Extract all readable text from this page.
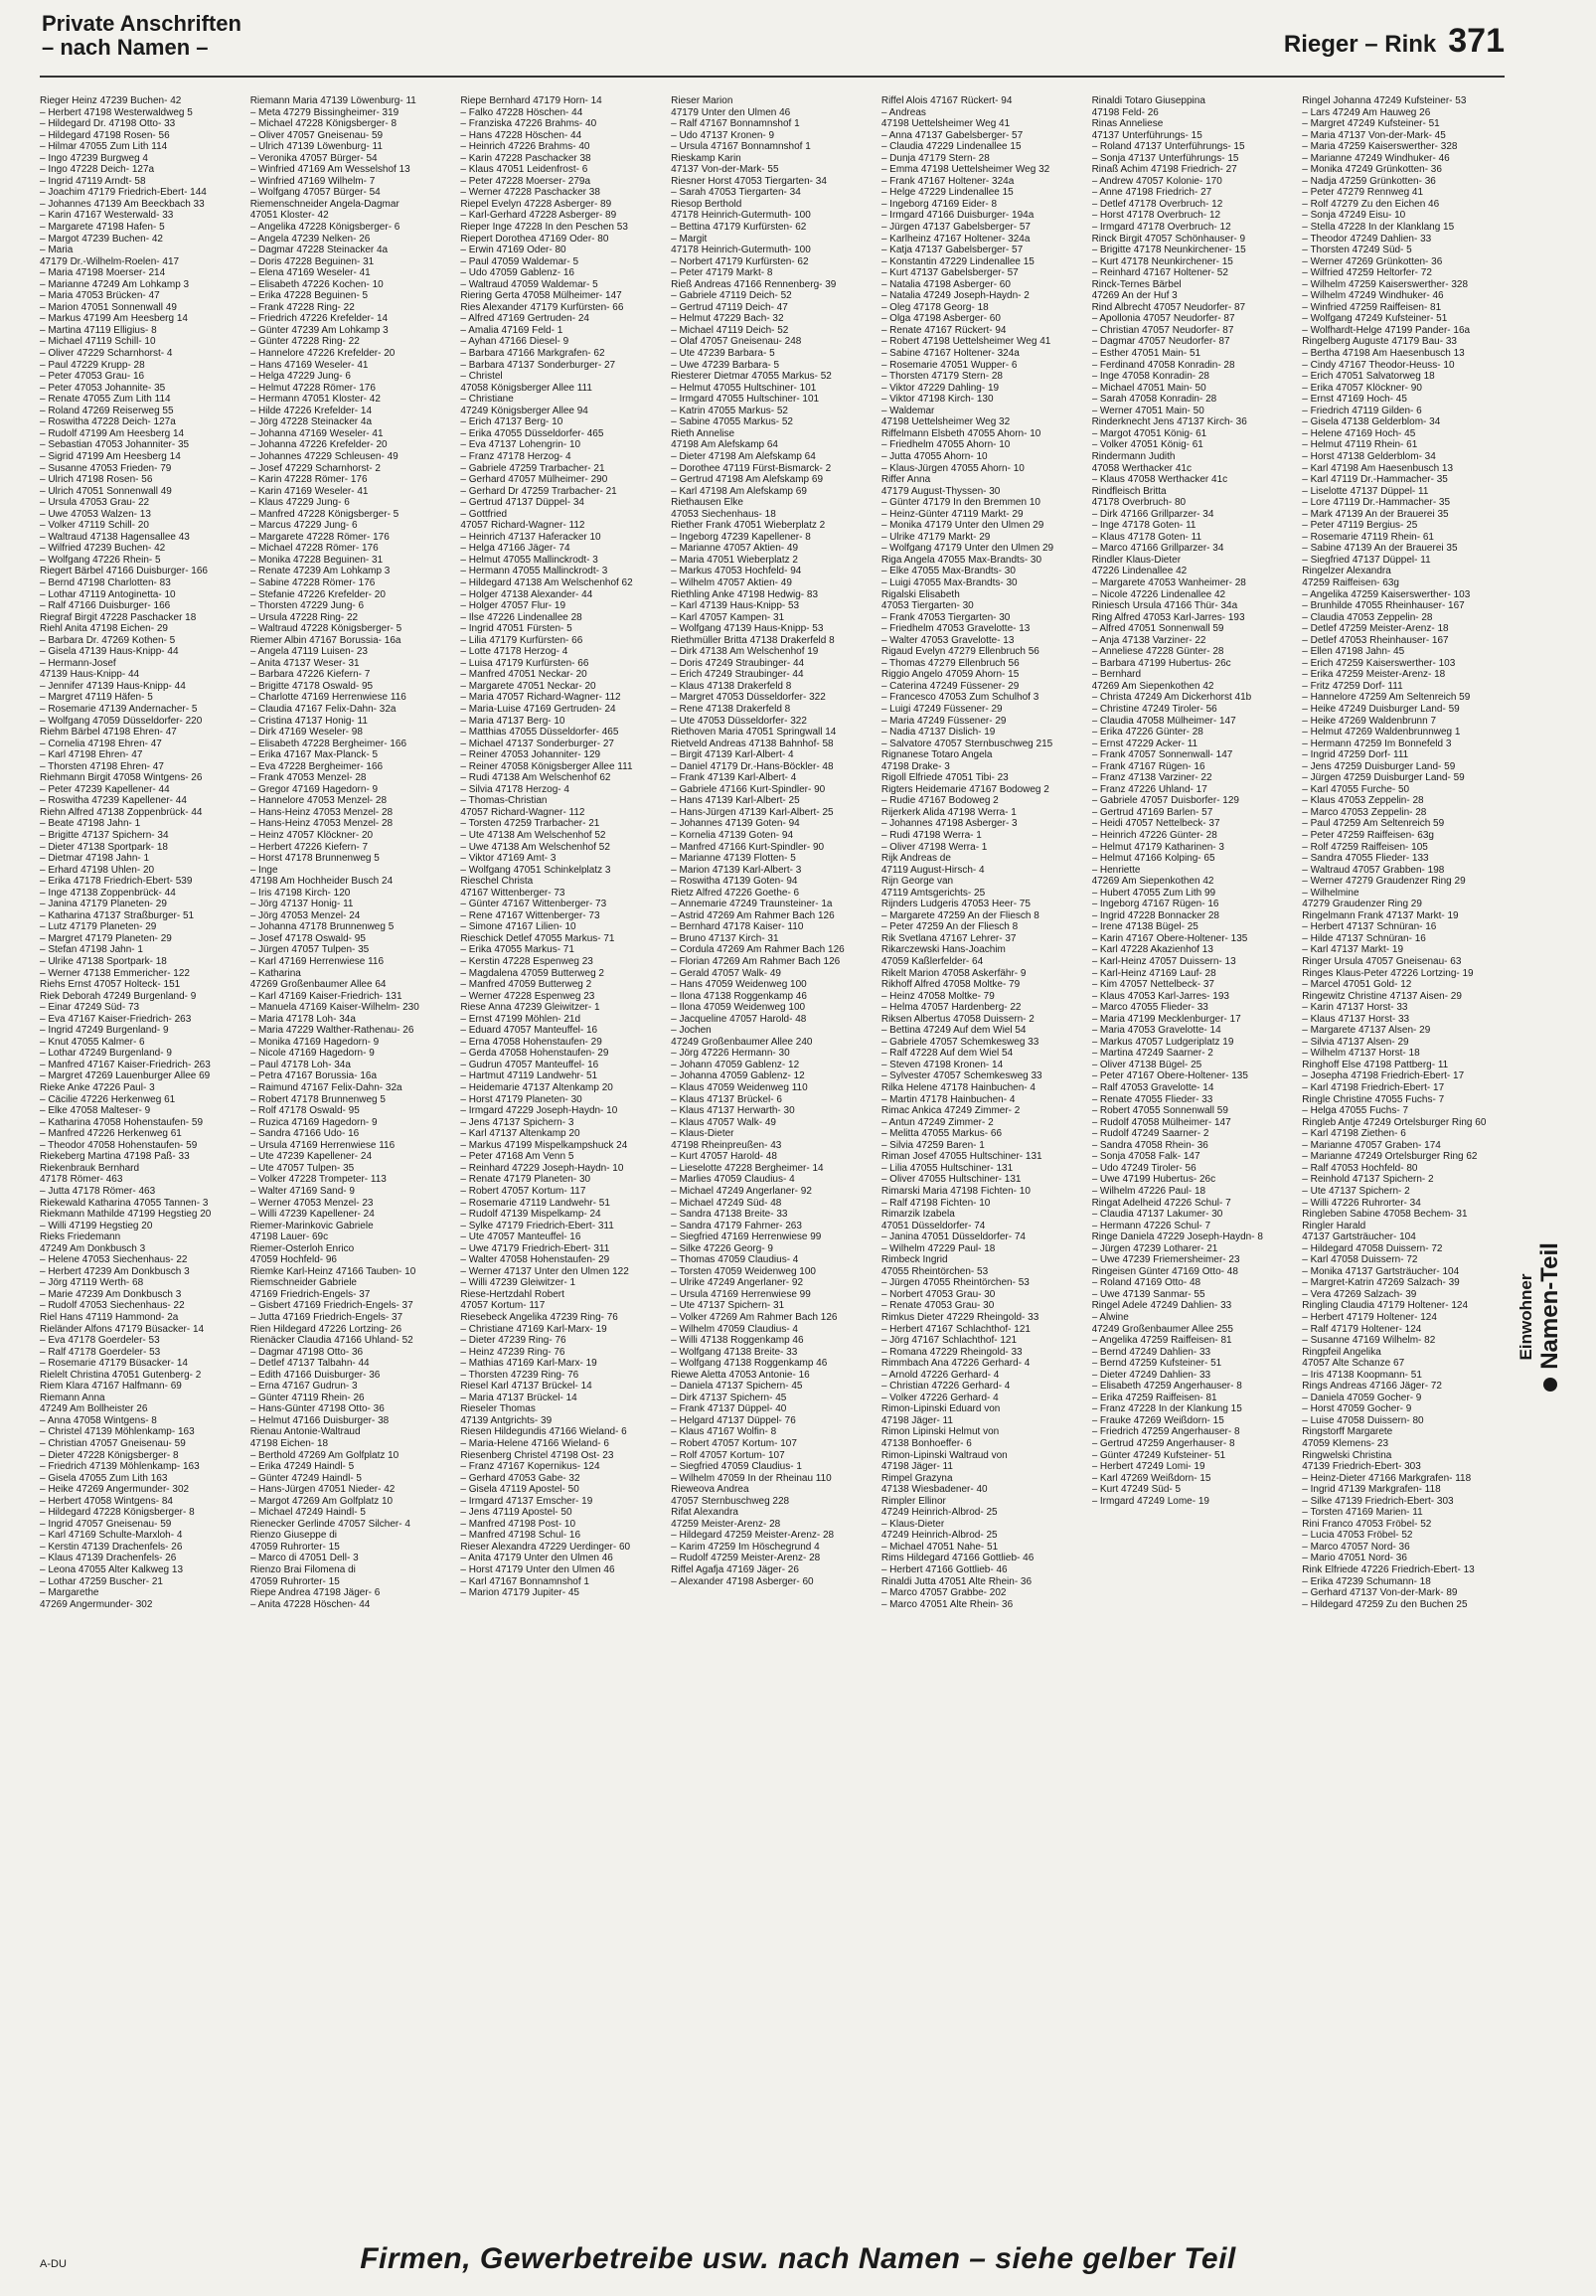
Private Anschriften
– nach Namen –	Rieger – Rink 371
Rieger Heinz 47239 Buchen- 42
– Herbert 47198 Westerwaldweg 5
– Hildegard Dr. 47198 Otto- 33
– Hildegard 47198 Rosen- 56
– Hilmar 47055 Zum Lith 114
– Ingo 47239 Burgweg 4
– Ingo 47228 Deich- 127a
– Ingrid 47119 Arndt- 58
– Joachim 47179 Friedrich-Ebert- 144
– Johannes 47139 Am Beeckbach 33
– Karin 47167 Westerwald- 33
– Margarete 47198 Hafen- 5
– Margot 47239 Buchen- 42
– Maria
47179 Dr.-Wilhelm-Roelen- 417
– Maria 47198 Moerser- 214
– Marianne 47249 Am Lohkamp 3
– Maria 47053 Brücken- 47
– Marion 47051 Sonnenwall 49
– Markus 47199 Am Heesberg 14
– Martina 47119 Elligius- 8
– Michael 47119 Schill- 10
– Oliver 47229 Scharnhorst- 4
– Paul 47229 Krupp- 28
– Peter 47053 Grau- 16
– Peter 47053 Johannite- 35
– Renate 47055 Zum Lith 114
– Roland 47269 Reiserweg 55
– Roswitha 47228 Deich- 127a
– Rudolf 47199 Am Heesberg 14
– Sebastian 47053 Johanniter- 35
– Sigrid 47199 Am Heesberg 14
– Susanne 47053 Frieden- 79
– Ulrich 47198 Rosen- 56
– Ulrich 47051 Sonnenwall 49
– Ursula 47053 Grau- 22
– Uwe 47053 Walzen- 13
– Volker 47119 Schill- 20
– Waltraud 47138 Hagensallee 43
– Wilfried 47239 Buchen- 42
– Wolfgang 47226 Rhein- 5
Riegert Bärbel 47166 Duisburger- 166
– Bernd 47198 Charlotten- 83
– Lothar 47119 Antoginetta- 10
– Ralf 47166 Duisburger- 166
Riegraf Birgit 47228 Paschacker 18
Riehl Anita 47198 Eichen- 29
– Barbara Dr. 47269 Kothen- 5
– Gisela 47139 Haus-Knipp- 44
– Hermann-Josef
47139 Haus-Knipp- 44
– Jennifer 47139 Haus-Knipp- 44
– Margret 47119 Häfen- 5
– Rosemarie 47139 Andernacher- 5
– Wolfgang 47059 Düsseldorfer- 220
Riehm Bärbel 47198 Ehren- 47
– Cornelia 47198 Ehren- 47
– Karl 47198 Ehren- 47
– Thorsten 47198 Ehren- 47
Riehmann Birgit 47058 Wintgens- 26
– Peter 47239 Kapellener- 44
– Roswitha 47239 Kapellener- 44
Riehn Alfred 47138 Zoppenbrück- 44
– Beate 47198 Jahn- 1
– Brigitte 47137 Spichern- 34
– Dieter 47138 Sportpark- 18
– Dietmar 47198 Jahn- 1
– Erhard 47198 Uhlen- 20
– Erika 47178 Friedrich-Ebert- 539
– Inge 47138 Zoppenbrück- 44
– Janina 47179 Planeten- 29
– Katharina 47137 Straßburger- 51
– Lutz 47179 Planeten- 29
– Margret 47179 Planeten- 29
– Stefan 47198 Jahn- 1
– Ulrike 47138 Sportpark- 18
– Werner 47138 Emmericher- 122
Riehs Ernst 47057 Holteck- 151
Riek Deborah 47249 Burgenland- 9
– Einar 47249 Süd- 73
– Eva 47167 Kaiser-Friedrich- 263
– Ingrid 47249 Burgenland- 9
– Knut 47055 Kalmer- 6
– Lothar 47249 Burgenland- 9
– Manfred 47167 Kaiser-Friedrich- 263
– Margret 47269 Lauenburger Allee 69
Rieke Anke 47226 Paul- 3
– Cäcilie 47226 Herkenweg 61
– Elke 47058 Malteser- 9
– Katharina 47058 Hohenstaufen- 59
– Manfred 47226 Herkenweg 61
– Theodor 47058 Hohenstaufen- 59
Riekeberg Martina 47198 Paß- 33
Riekenbrauk Bernhard
47178 Römer- 463
– Jutta 47178 Römer- 463
Riekewald Katharina 47055 Tannen- 3
Riekmann Mathilde 47199 Hegstieg 20
– Willi 47199 Hegstieg 20
Rieks Friedemann
47249 Am Donkbusch 3
– Helene 47053 Siechenhaus- 22
– Herbert 47239 Am Donkbusch 3
– Jörg 47119 Werth- 68
– Marie 47239 Am Donkbusch 3
– Rudolf 47053 Siechenhaus- 22
Riel Hans 47119 Hammond- 2a
Rieländer Alfons 47179 Büsacker- 14
– Eva 47178 Goerdeler- 53
– Ralf 47178 Goerdeler- 53
– Rosemarie 47179 Büsacker- 14
Rielelt Christina 47051 Gutenberg- 2
Riem Klara 47167 Halfmann- 69
Riemann Anna
47249 Am Bollheister 26
– Anna 47058 Wintgens- 8
– Christel 47139 Möhlenkamp- 163
– Christian 47057 Gneisenau- 59
– Dieter 47228 Königsberger- 8
– Friedrich 47139 Möhlenkamp- 163
– Gisela 47055 Zum Lith 163
– Heike 47269 Angermunder- 302
– Herbert 47058 Wintgens- 84
– Hildegard 47228 Königsberger- 8
– Ingrid 47057 Gneisenau- 59
– Karl 47169 Schulte-Marxloh- 4
– Kerstin 47139 Drachenfels- 26
– Klaus 47139 Drachenfels- 26
– Leona 47055 Alter Kalkweg 13
– Lothar 47259 Buscher- 21
– Margarethe
47269 Angermunder- 302
Riemann Maria 47139 Löwenburg- 11
– Meta 47279 Bissingheimer- 319
– Michael 47228 Königsberger- 8
– Oliver 47057 Gneisenau- 59
– Ulrich 47139 Löwenburg- 11
– Veronika 47057 Bürger- 54
– Winfried 47169 Am Wesselshof 13
– Winfried 47169 Wilhelm- 7
– Wolfgang 47057 Bürger- 54
Riemenschneider Angela-Dagmar
47051 Kloster- 42
– Angelika 47228 Königsberger- 6
– Angela 47239 Nelken- 26
– Dagmar 47228 Steinacker 4a
– Doris 47228 Beguinen- 31
– Elena 47169 Weseler- 41
– Elisabeth 47226 Kochen- 10
– Erika 47228 Beguinen- 5
– Frank 47228 Ring- 22
– Friedrich 47226 Krefelder- 14
– Günter 47239 Am Lohkamp 3
– Günter 47228 Ring- 22
– Hannelore 47226 Krefelder- 20
– Hans 47169 Weseler- 41
– Helga 47229 Jung- 6
– Helmut 47228 Römer- 176
– Hermann 47051 Kloster- 42
– Hilde 47226 Krefelder- 14
– Jörg 47228 Steinacker 4a
– Johanna 47169 Weseler- 41
– Johanna 47226 Krefelder- 20
– Johannes 47229 Schleusen- 49
– Josef 47229 Scharnhorst- 2
– Karin 47228 Römer- 176
– Karin 47169 Weseler- 41
– Klaus 47229 Jung- 6
– Manfred 47228 Königsberger- 5
– Marcus 47229 Jung- 6
– Margarete 47228 Römer- 176
– Michael 47228 Römer- 176
– Monika 47228 Beguinen- 31
– Renate 47239 Am Lohkamp 3
– Sabine 47228 Römer- 176
– Stefanie 47226 Krefelder- 20
– Thorsten 47229 Jung- 6
– Ursula 47228 Ring- 22
– Waltraud 47228 Königsberger- 5
Riemer Albin 47167 Borussia- 16a
– Angela 47119 Luisen- 23
– Anita 47137 Weser- 31
– Barbara 47226 Kiefern- 7
– Brigitte 47178 Oswald- 95
– Charlotte 47169 Herrenwiese 116
– Claudia 47167 Felix-Dahn- 32a
– Cristina 47137 Honig- 11
– Dirk 47169 Weseler- 98
– Elisabeth 47228 Bergheimer- 166
– Erika 47167 Max-Planck- 5
– Eva 47228 Bergheimer- 166
– Frank 47053 Menzel- 28
– Gregor 47169 Hagedorn- 9
– Hannelore 47053 Menzel- 28
– Hans-Heinz 47053 Menzel- 28
– Hans-Heinz 47053 Menzel- 28
– Heinz 47057 Klöckner- 20
– Herbert 47226 Kiefern- 7
– Horst 47178 Brunnenweg 5
– Inge
47198 Am Hochheider Busch 24
– Iris 47198 Kirch- 120
– Jörg 47137 Honig- 11
– Jörg 47053 Menzel- 24
– Johanna 47178 Brunnenweg 5
– Josef 47178 Oswald- 95
– Jürgen 47057 Tulpen- 35
– Karl 47169 Herrenwiese 116
– Katharina
47269 Großenbaumer Allee 64
– Karl 47169 Kaiser-Friedrich- 131
– Manuela 47169 Kaiser-Wilhelm- 230
– Maria 47178 Loh- 34a
– Maria 47229 Walther-Rathenau- 26
– Monika 47169 Hagedorn- 9
– Nicole 47169 Hagedorn- 9
– Paul 47178 Loh- 34a
– Petra 47167 Borussia- 16a
– Raimund 47167 Felix-Dahn- 32a
– Robert 47178 Brunnenweg 5
– Rolf 47178 Oswald- 95
– Ruzica 47169 Hagedorn- 9
– Sandra 47166 Udo- 16
– Ursula 47169 Herrenwiese 116
– Ute 47239 Kapellener- 24
– Ute 47057 Tulpen- 35
– Volker 47228 Trompeter- 113
– Walter 47169 Sand- 9
– Werner 47053 Menzel- 23
– Willi 47239 Kapellener- 24
Riemer-Marinkovic Gabriele
47198 Lauer- 69c
Riemer-Osterloh Enrico
47059 Hochfeld- 96
Riemke Karl-Heinz 47166 Tauben- 10
Riemschneider Gabriele
47169 Friedrich-Engels- 37
– Gisbert 47169 Friedrich-Engels- 37
– Jutta 47169 Friedrich-Engels- 37
Rien Hildegard 47226 Lortzing- 26
Rienäcker Claudia 47166 Uhland- 52
– Dagmar 47198 Otto- 36
– Detlef 47137 Talbahn- 44
– Edith 47166 Duisburger- 36
– Erna 47167 Gudrun- 3
– Günter 47119 Rhein- 26
– Hans-Günter 47198 Otto- 36
– Helmut 47166 Duisburger- 38
Rienau Antonie-Waltraud
47198 Eichen- 18
– Berthold 47269 Am Golfplatz 10
– Erika 47249 Haindl- 5
– Günter 47249 Haindl- 5
– Hans-Jürgen 47051 Nieder- 42
– Margot 47269 Am Golfplatz 10
– Michael 47249 Haindl- 5
Rienecker Gerlinde 47057 Silcher- 4
Rienzo Giuseppe di
47059 Ruhrorter- 15
– Marco di 47051 Dell- 3
Rienzo Brai Filomena di
47059 Ruhrorter- 15
Riepe Andrea 47198 Jäger- 6
– Anita 47228 Höschen- 44
Riepe Bernhard 47179 Horn- 14
– Falko 47228 Höschen- 44
– Franziska 47226 Brahms- 40
– Hans 47228 Höschen- 44
– Heinrich 47226 Brahms- 40
– Karin 47228 Paschacker 38
– Klaus 47051 Leidenfrost- 6
– Peter 47228 Moerser- 279a
– Werner 47228 Paschacker 38
Riepel Evelyn 47228 Asberger- 89
– Karl-Gerhard 47228 Asberger- 89
Rieper Inge 47228 In den Peschen 53
Riepert Dorothea 47169 Oder- 80
– Erwin 47169 Oder- 80
– Paul 47059 Waldemar- 5
– Udo 47059 Gablenz- 16
– Waltraud 47059 Waldemar- 5
Riering Gerta 47058 Mülheimer- 147
Ries Alexander 47179 Kurfürsten- 66
– Alfred 47169 Gertruden- 24
– Amalia 47169 Feld- 1
– Ayhan 47166 Diesel- 9
– Barbara 47166 Markgrafen- 62
– Barbara 47137 Sonderburger- 27
– Christel
47058 Königsberger Allee 111
– Christiane
47249 Königsberger Allee 94
– Erich 47137 Berg- 10
– Erika 47055 Düsseldorfer- 465
– Eva 47137 Lohengrin- 10
– Franz 47178 Herzog- 4
– Gabriele 47259 Trarbacher- 21
– Gerhard 47057 Mülheimer- 290
– Gerhard Dr 47259 Trarbacher- 21
– Gertrud 47137 Düppel- 34
– Gottfried
47057 Richard-Wagner- 112
– Heinrich 47137 Haferacker 10
– Helga 47166 Jäger- 74
– Helmut 47055 Mallinckrodt- 3
– Hermann 47055 Mallinckrodt- 3
– Hildegard 47138 Am Welschenhof 62
– Holger 47138 Alexander- 44
– Holger 47057 Flur- 19
– Ilse 47226 Lindenallee 28
– Ingrid 47051 Fürsten- 5
– Lilia 47179 Kurfürsten- 66
– Lotte 47178 Herzog- 4
– Luisa 47179 Kurfürsten- 66
– Manfred 47051 Neckar- 20
– Margarete 47051 Neckar- 20
– Maria 47057 Richard-Wagner- 112
– Maria-Luise 47169 Gertruden- 24
– Maria 47137 Berg- 10
– Matthias 47055 Düsseldorfer- 465
– Michael 47137 Sonderburger- 27
– Reiner 47053 Johanniter- 129
– Reiner 47058 Königsberger Allee 111
– Rudi 47138 Am Welschenhof 62
– Silvia 47178 Herzog- 4
– Thomas-Christian
47057 Richard-Wagner- 112
– Torsten 47259 Trarbacher- 21
– Ute 47138 Am Welschenhof 52
– Uwe 47138 Am Welschenhof 52
– Viktor 47169 Amt- 3
– Wolfgang 47051 Schinkelplatz 3
Rieschel Christa
47167 Wittenberger- 73
– Günter 47167 Wittenberger- 73
– Rene 47167 Wittenberger- 73
– Simone 47167 Lilien- 10
Rieschick Detlef 47055 Markus- 71
– Erika 47055 Markus- 71
– Kerstin 47228 Espenweg 23
– Magdalena 47059 Butterweg 2
– Manfred 47059 Butterweg 2
– Werner 47228 Espenweg 23
Riese Anna 47239 Gleiwitzer- 1
– Ernst 47199 Möhlen- 21d
– Eduard 47057 Manteuffel- 16
– Erna 47058 Hohenstaufen- 29
– Gerda 47058 Hohenstaufen- 29
– Gudrun 47057 Manteuffel- 16
– Hartmut 47119 Landwehr- 51
– Heidemarie 47137 Altenkamp 20
– Horst 47179 Planeten- 30
– Irmgard 47229 Joseph-Haydn- 10
– Jens 47137 Spichern- 3
– Karl 47137 Altenkamp 20
– Markus 47199 Mispelkampshuck 24
– Peter 47168 Am Venn 5
– Reinhard 47229 Joseph-Haydn- 10
– Renate 47179 Planeten- 30
– Robert 47057 Kortum- 117
– Rosemarie 47119 Landwehr- 51
– Rudolf 47139 Mispelkamp- 24
– Sylke 47179 Friedrich-Ebert- 311
– Ute 47057 Manteuffel- 16
– Uwe 47179 Friedrich-Ebert- 311
– Walter 47058 Hohenstaufen- 29
– Werner 47137 Unter den Ulmen 122
– Willi 47239 Gleiwitzer- 1
Riese-Hertzdahl Robert
47057 Kortum- 117
Riesebeck Angelika 47239 Ring- 76
– Christiane 47169 Karl-Marx- 19
– Dieter 47239 Ring- 76
– Heinz 47239 Ring- 76
– Mathias 47169 Karl-Marx- 19
– Thorsten 47239 Ring- 76
Riesel Karl 47137 Brückel- 14
– Maria 47137 Brückel- 14
Rieseler Thomas
47139 Antgrichts- 39
Riesen Hildegundis 47166 Wieland- 6
– Maria-Helene 47166 Wieland- 6
Riesenberg Christel 47198 Ost- 23
– Franz 47167 Kopernikus- 124
– Gerhard 47053 Gabe- 32
– Gisela 47119 Apostel- 50
– Irmgard 47137 Emscher- 19
– Jens 47119 Apostel- 50
– Manfred 47198 Post- 10
– Manfred 47198 Schul- 16
Rieser Alexandra 47229 Uerdinger- 60
– Anita 47179 Unter den Ulmen 46
– Horst 47179 Unter den Ulmen 46
– Karl 47167 Bonnamnshof 1
– Marion 47179 Jupiter- 45
Rieser Marion
47179 Unter den Ulmen 46
– Ralf 47167 Bonnamnshof 1
– Udo 47137 Kronen- 9
– Ursula 47167 Bonnamnshof 1
Rieskamp Karin
47137 Von-der-Mark- 55
Riesner Horst 47053 Tiergarten- 34
– Sarah 47053 Tiergarten- 34
Riesop Berthold
47178 Heinrich-Gutermuth- 100
– Bettina 47179 Kurfürsten- 62
– Margit
47178 Heinrich-Gutermuth- 100
– Norbert 47179 Kurfürsten- 62
– Peter 47179 Markt- 8
Rieß Andreas 47166 Rennenberg- 39
– Gabriele 47119 Deich- 52
– Gertrud 47119 Deich- 47
– Helmut 47229 Bach- 32
– Michael 47119 Deich- 52
– Olaf 47057 Gneisenau- 248
– Ute 47239 Barbara- 5
– Uwe 47239 Barbara- 5
Riesterer Dietmar 47055 Markus- 52
– Helmut 47055 Hultschiner- 101
– Irmgard 47055 Hultschiner- 101
– Katrin 47055 Markus- 52
– Sabine 47055 Markus- 52
Rieth Annelise
47198 Am Alefskamp 64
– Dieter 47198 Am Alefskamp 64
– Dorothee 47119 Fürst-Bismarck- 2
– Gertrud 47198 Am Alefskamp 69
– Karl 47198 Am Alefskamp 69
Riethausen Elke
47053 Siechenhaus- 18
Riether Frank 47051 Wieberplatz 2
– Ingeborg 47239 Kapellener- 8
– Marianne 47057 Aktien- 49
– Maria 47051 Wieberplatz 2
– Markus 47053 Hochfeld- 94
– Wilhelm 47057 Aktien- 49
Riethling Anke 47198 Hedwig- 83
– Karl 47139 Haus-Knipp- 53
– Karl 47057 Kampen- 31
– Wolfgang 47139 Haus-Knipp- 53
Riethmüller Britta 47138 Drakerfeld 8
– Dirk 47138 Am Welschenhof 19
– Doris 47249 Straubinger- 44
– Erich 47249 Straubinger- 44
– Klaus 47138 Drakerfeld 8
– Margret 47053 Düsseldorfer- 322
– Rene 47138 Drakerfeld 8
– Ute 47053 Düsseldorfer- 322
Riethoven Maria 47051 Springwall 14
Rietveld Andreas 47138 Bahnhof- 58
– Birgit 47139 Karl-Albert- 4
– Daniel 47179 Dr.-Hans-Böckler- 48
– Frank 47139 Karl-Albert- 4
– Gabriele 47166 Kurt-Spindler- 90
– Hans 47139 Karl-Albert- 25
– Hans-Jürgen 47139 Karl-Albert- 25
– Johannes 47139 Goten- 94
– Kornelia 47139 Goten- 94
– Manfred 47166 Kurt-Spindler- 90
– Marianne 47139 Flotten- 5
– Marion 47139 Karl-Albert- 3
– Roswitha 47139 Goten- 94
Rietz Alfred 47226 Goethe- 6
– Annemarie 47249 Traunsteiner- 1a
– Astrid 47269 Am Rahmer Bach 126
– Bernhard 47178 Kaiser- 110
– Bruno 47137 Kirch- 31
– Cordula 47269 Am Rahmer Bach 126
– Florian 47269 Am Rahmer Bach 126
– Gerald 47057 Walk- 49
– Hans 47059 Weidenweg 100
– Ilona 47138 Roggenkamp 46
– Ilona 47059 Weidenweg 100
– Jacqueline 47057 Harold- 48
– Jochen
47249 Großenbaumer Allee 240
– Jörg 47226 Hermann- 30
– Johann 47059 Gablenz- 12
– Johanna 47059 Gablenz- 12
– Klaus 47059 Weidenweg 110
– Klaus 47137 Brückel- 6
– Klaus 47137 Herwarth- 30
– Klaus 47057 Walk- 49
– Klaus-Dieter
47198 Rheinpreußen- 43
– Kurt 47057 Harold- 48
– Lieselotte 47228 Bergheimer- 14
– Marlies 47059 Claudius- 4
– Michael 47249 Angerlaner- 92
– Michael 47249 Süd- 48
– Sandra 47138 Breite- 33
– Sandra 47179 Fahrner- 263
– Siegfried 47169 Herrenwiese 99
– Silke 47226 Georg- 9
– Thomas 47059 Claudius- 4
– Torsten 47059 Weidenweg 100
– Ulrike 47249 Angerlaner- 92
– Ursula 47169 Herrenwiese 99
– Ute 47137 Spichern- 31
– Volker 47269 Am Rahmer Bach 126
– Wilhelm 47059 Claudius- 4
– Willi 47138 Roggenkamp 46
– Wolfgang 47138 Breite- 33
– Wolfgang 47138 Roggenkamp 46
Riewe Aletta 47053 Antonie- 16
– Daniela 47137 Spichern- 45
– Dirk 47137 Spichern- 45
– Frank 47137 Düppel- 40
– Helgard 47137 Düppel- 76
– Klaus 47167 Wolfin- 8
– Robert 47057 Kortum- 107
– Rolf 47057 Kortum- 107
– Siegfried 47059 Claudius- 1
– Wilhelm 47059 In der Rheinau 110
Rieweova Andrea
47057 Sternbuschweg 228
Rifat Alexandra
47259 Meister-Arenz- 28
– Hildegard 47259 Meister-Arenz- 28
– Karim 47259 Im Höschegrund 4
– Rudolf 47259 Meister-Arenz- 28
Riffel Agafja 47169 Jäger- 26
– Alexander 47198 Asberger- 60
Riffel Alois 47167 Rückert- 94
– Andreas
47198 Uettelsheimer Weg 41
– Anna 47137 Gabelsberger- 57
– Claudia 47229 Lindenallee 15
– Dunja 47179 Stern- 28
– Emma 47198 Uettelsheimer Weg 32
– Frank 47167 Holtener- 324a
– Helge 47229 Lindenallee 15
– Ingeborg 47169 Eider- 8
– Irmgard 47166 Duisburger- 194a
– Jürgen 47137 Gabelsberger- 57
– Karlheinz 47167 Holtener- 324a
– Katja 47137 Gabelsberger- 57
– Konstantin 47229 Lindenallee 15
– Kurt 47137 Gabelsberger- 57
– Natalia 47198 Asberger- 60
– Natalia 47249 Joseph-Haydn- 2
– Oleg 47178 Georg- 18
– Olga 47198 Asberger- 60
– Renate 47167 Rückert- 94
– Robert 47198 Uettelsheimer Weg 41
– Sabine 47167 Holtener- 324a
– Rosemarie 47051 Wupper- 6
– Thorsten 47179 Stern- 28
– Viktor 47229 Dahling- 19
– Viktor 47198 Kirch- 130
– Waldemar
47198 Uettelsheimer Weg 32
Riffelmann Elsbeth 47055 Ahorn- 10
– Friedhelm 47055 Ahorn- 10
– Jutta 47055 Ahorn- 10
– Klaus-Jürgen 47055 Ahorn- 10
Riffer Anna
47179 August-Thyssen- 30
– Günter 47179 In den Bremmen 10
– Heinz-Günter 47119 Markt- 29
– Monika 47179 Unter den Ulmen 29
– Ulrike 47179 Markt- 29
– Wolfgang 47179 Unter den Ulmen 29
Riga Angela 47055 Max-Brandts- 30
– Elke 47055 Max-Brandts- 30
– Luigi 47055 Max-Brandts- 30
Rigalski Elisabeth
47053 Tiergarten- 30
– Frank 47053 Tiergarten- 30
– Friedhelm 47053 Gravelotte- 13
– Walter 47053 Gravelotte- 13
Rigaud Evelyn 47279 Ellenbruch 56
– Thomas 47279 Ellenbruch 56
Riggio Angelo 47059 Ahorn- 15
– Caterina 47249 Füssener- 29
– Francesco 47053 Zum Schulhof 3
– Luigi 47249 Füssener- 29
– Maria 47249 Füssener- 29
– Nadia 47137 Dislich- 19
– Salvatore 47057 Sternbuschweg 215
Rignanese Totaro Angela
47198 Drake- 3
Rigoll Elfriede 47051 Tibi- 23
Rigters Heidemarie 47167 Bodoweg 2
– Rudie 47167 Bodoweg 2
Rijerkerk Alida 47198 Werra- 1
– Johannes 47198 Asberger- 3
– Rudi 47198 Werra- 1
– Oliver 47198 Werra- 1
Rijk Andreas de
47119 August-Hirsch- 4
Rijn George van
47119 Amtsgerichts- 25
Rijnders Ludgeris 47053 Heer- 75
– Margarete 47259 An der Fliesch 8
– Peter 47259 An der Fliesch 8
Rik Svetlana 47167 Lehrer- 37
Rikarczewski Hans-Joachim
47059 Kaßlerfelder- 64
Rikelt Marion 47058 Askerfähr- 9
Rikhoff Alfred 47058 Moltke- 79
– Heinz 47058 Moltke- 79
– Helma 47057 Hardenberg- 22
Riksen Albertus 47058 Duissern- 2
– Bettina 47249 Auf dem Wiel 54
– Gabriele 47057 Schemkesweg 33
– Ralf 47228 Auf dem Wiel 54
– Steven 47198 Kronen- 14
– Sylvester 47057 Schemkesweg 33
Rilka Helene 47178 Hainbuchen- 4
– Martin 47178 Hainbuchen- 4
Rimac Ankica 47249 Zimmer- 2
– Antun 47249 Zimmer- 2
– Melitta 47055 Markus- 66
– Silvia 47259 Baren- 1
Riman Josef 47055 Hultschiner- 131
– Lilia 47055 Hultschiner- 131
– Oliver 47055 Hultschiner- 131
Rimarski Maria 47198 Fichten- 10
– Ralf 47198 Fichten- 10
Rimarzik Izabela
47051 Düsseldorfer- 74
– Janina 47051 Düsseldorfer- 74
– Wilhelm 47229 Paul- 18
Rimbeck Ingrid
47055 Rheintörchen- 53
– Jürgen 47055 Rheintörchen- 53
– Norbert 47053 Grau- 30
– Renate 47053 Grau- 30
Rimkus Dieter 47229 Rheingold- 33
– Herbert 47167 Schlachthof- 121
– Jörg 47167 Schlachthof- 121
– Romana 47229 Rheingold- 33
Rimmbach Ana 47226 Gerhard- 4
– Arnold 47226 Gerhard- 4
– Christian 47226 Gerhard- 4
– Volker 47226 Gerhard- 4
Rimon-Lipinski Eduard von
47198 Jäger- 11
Rimon Lipinski Helmut von
47138 Bonhoeffer- 6
Rimon-Lipinski Waltraud von
47198 Jäger- 11
Rimpel Grazyna
47138 Wiesbadener- 40
Rimpler Ellinor
47249 Heinrich-Albrod- 25
– Klaus-Dieter
47249 Heinrich-Albrod- 25
– Michael 47051 Nahe- 51
Rims Hildegard 47166 Gottlieb- 46
– Herbert 47166 Gottlieb- 46
Rinaldi Jutta 47051 Alte Rhein- 36
– Marco 47057 Grabbe- 202
– Marco 47051 Alte Rhein- 36
Rinaldi Totaro Giuseppina
47198 Feld- 26
Rinas Anneliese
47137 Unterführungs- 15
– Roland 47137 Unterführungs- 15
– Sonja 47137 Unterführungs- 15
Rinaß Achim 47198 Friedrich- 27
– Andrew 47057 Kolonie- 170
– Anne 47198 Friedrich- 27
– Detlef 47178 Overbruch- 12
– Horst 47178 Overbruch- 12
– Irmgard 47178 Overbruch- 12
Rinck Birgit 47057 Schönhauser- 9
– Brigitte 47178 Neunkirchener- 15
– Kurt 47178 Neunkirchener- 15
– Reinhard 47167 Holtener- 52
Rinck-Ternes Bärbel
47269 An der Huf 3
Rind Albrecht 47057 Neudorfer- 87
– Apollonia 47057 Neudorfer- 87
– Christian 47057 Neudorfer- 87
– Dagmar 47057 Neudorfer- 87
– Esther 47051 Main- 51
– Ferdinand 47058 Konradin- 28
– Inge 47058 Konradin- 28
– Michael 47051 Main- 50
– Sarah 47058 Konradin- 28
– Werner 47051 Main- 50
Rinderknecht Jens 47137 Kirch- 36
– Margot 47051 König- 61
– Volker 47051 König- 61
Rindermann Judith
47058 Werthacker 41c
– Klaus 47058 Werthacker 41c
Rindfleisch Britta
47178 Overbruch- 80
– Dirk 47166 Grillparzer- 34
– Inge 47178 Goten- 11
– Klaus 47178 Goten- 11
– Marco 47166 Grillparzer- 34
Rindler Klaus-Dieter
47226 Lindenallee 42
– Margarete 47053 Wanheimer- 28
– Nicole 47226 Lindenallee 42
Riniesch Ursula 47166 Thür- 34a
Ring Alfred 47053 Karl-Jarres- 193
– Alfred 47051 Sonnenwall 59
– Anja 47138 Varziner- 22
– Anneliese 47228 Günter- 28
– Barbara 47199 Hubertus- 26c
– Bernhard
47269 Am Siepenkothen 42
– Christa 47249 Am Dickerhorst 41b
– Christine 47249 Tiroler- 56
– Claudia 47058 Mülheimer- 147
– Erika 47226 Günter- 28
– Ernst 47229 Acker- 11
– Frank 47057 Sonnenwall- 147
– Frank 47167 Rügen- 16
– Franz 47138 Varziner- 22
– Franz 47226 Uhland- 17
– Gabriele 47057 Duisborfer- 129
– Gertrud 47169 Barlen- 57
– Heidi 47057 Nettelbeck- 37
– Heinrich 47226 Günter- 28
– Helmut 47179 Katharinen- 3
– Helmut 47166 Kolping- 65
– Henriette
47269 Am Siepenkothen 42
– Hubert 47055 Zum Lith 99
– Ingeborg 47167 Rügen- 16
– Ingrid 47228 Bonnacker 28
– Irene 47138 Bügel- 25
– Karin 47167 Obere-Holtener- 135
– Karl 47228 Akazienhof 13
– Karl-Heinz 47057 Duissern- 13
– Karl-Heinz 47169 Lauf- 28
– Kim 47057 Nettelbeck- 37
– Klaus 47053 Karl-Jarres- 193
– Marco 47055 Flieder- 33
– Maria 47199 Mecklenburger- 17
– Maria 47053 Gravelotte- 14
– Markus 47057 Ludgeriplatz 19
– Martina 47249 Saarner- 2
– Oliver 47138 Bügel- 25
– Peter 47167 Obere-Holtener- 135
– Ralf 47053 Gravelotte- 14
– Renate 47055 Flieder- 33
– Robert 47055 Sonnenwall 59
– Rudolf 47058 Mülheimer- 147
– Rudolf 47249 Saarner- 2
– Sandra 47058 Rhein- 36
– Sonja 47058 Falk- 147
– Udo 47249 Tiroler- 56
– Uwe 47199 Hubertus- 26c
– Wilhelm 47226 Paul- 18
Ringat Adelheid 47226 Schul- 7
– Claudia 47137 Lakumer- 30
– Hermann 47226 Schul- 7
Ringe Daniela 47229 Joseph-Haydn- 8
– Jürgen 47239 Lotharer- 21
– Uwe 47239 Friemersheimer- 23
Ringeisen Günter 47169 Otto- 48
– Roland 47169 Otto- 48
– Uwe 47139 Sanmar- 55
Ringel Adele 47249 Dahlien- 33
– Alwine
47249 Großenbaumer Allee 255
– Angelika 47259 Raiffeisen- 81
– Bernd 47249 Dahlien- 33
– Bernd 47259 Kufsteiner- 51
– Dieter 47249 Dahlien- 33
– Elisabeth 47259 Angerhauser- 8
– Erika 47259 Raiffeisen- 81
– Franz 47228 In der Klankung 15
– Frauke 47269 Weißdorn- 15
– Friedrich 47259 Angerhauser- 8
– Gertrud 47259 Angerhauser- 8
– Günter 47249 Kufsteiner- 51
– Herbert 47249 Lomi- 19
– Karl 47269 Weißdorn- 15
– Kurt 47249 Süd- 5
– Irmgard 47249 Lome- 19
Ringel Johanna 47249 Kufsteiner- 53
– Lars 47249 Am Hauweg 26
– Margret 47249 Kufsteiner- 51
– Maria 47137 Von-der-Mark- 45
– Maria 47259 Kaiserswerther- 328
– Marianne 47249 Windhuker- 46
– Monika 47249 Grünkotten- 36
– Nadja 47259 Grünkotten- 36
– Peter 47279 Rennweg 41
– Rolf 47279 Zu den Eichen 46
– Sonja 47249 Eisu- 10
– Stella 47228 In der Klanklang 15
– Theodor 47249 Dahlien- 33
– Thorsten 47249 Süd- 5
– Werner 47269 Grünkotten- 36
– Wilfried 47259 Heltorfer- 72
– Wilhelm 47259 Kaiserswerther- 328
– Wilhelm 47249 Windhuker- 46
– Winfried 47259 Raiffeisen- 81
– Wolfgang 47249 Kufsteiner- 51
– Wolfhardt-Helge 47199 Pander- 16a
Ringelberg Auguste 47179 Bau- 33
– Bertha 47198 Am Haesenbusch 13
– Cindy 47167 Theodor-Heuss- 10
– Erich 47051 Salvatorweg 18
– Erika 47057 Klöckner- 90
– Ernst 47169 Hoch- 45
– Friedrich 47119 Gilden- 6
– Gisela 47138 Gelderblom- 34
– Helene 47169 Hoch- 45
– Helmut 47119 Rhein- 61
– Horst 47138 Gelderblom- 34
– Karl 47198 Am Haesenbusch 13
– Karl 47119 Dr.-Hammacher- 35
– Liselotte 47137 Düppel- 11
– Lore 47119 Dr.-Hammacher- 35
– Mark 47139 An der Brauerei 35
– Peter 47119 Bergius- 25
– Rosemarie 47119 Rhein- 61
– Sabine 47139 An der Brauerei 35
– Siegfried 47137 Düppel- 11
Ringelzer Alexandra
47259 Raiffeisen- 63g
– Angelika 47259 Kaiserswerther- 103
– Brunhilde 47055 Rheinhauser- 167
– Claudia 47053 Zeppelin- 28
– Detlef 47259 Meister-Arenz- 18
– Detlef 47053 Rheinhauser- 167
– Ellen 47198 Jahn- 45
– Erich 47259 Kaiserswerther- 103
– Erika 47259 Meister-Arenz- 18
– Fritz 47259 Dorf- 111
– Hannelore 47259 Am Seltenreich 59
– Heike 47249 Duisburger Land- 59
– Heike 47269 Waldenbrunn 7
– Helmut 47269 Waldenbrunnweg 1
– Hermann 47259 Im Bonnefeld 3
– Ingrid 47259 Dorf- 111
– Jens 47259 Duisburger Land- 59
– Jürgen 47259 Duisburger Land- 59
– Karl 47055 Furche- 50
– Klaus 47053 Zeppelin- 28
– Marco 47053 Zeppelin- 28
– Paul 47259 Am Seltenreich 59
– Peter 47259 Raiffeisen- 63g
– Rolf 47259 Raiffeisen- 105
– Sandra 47055 Flieder- 133
– Waltraud 47057 Grabben- 198
– Werner 47279 Graudenzer Ring 29
– Wilhelmine
47279 Graudenzer Ring 29
Ringelmann Frank 47137 Markt- 19
– Herbert 47137 Schnüran- 16
– Hilde 47137 Schnüran- 16
– Karl 47137 Markt- 19
Ringer Ursula 47057 Gneisenau- 63
Ringes Klaus-Peter 47226 Lortzing- 19
– Marcel 47051 Gold- 12
Ringewitz Christine 47137 Aisen- 29
– Karin 47137 Horst- 33
– Klaus 47137 Horst- 33
– Margarete 47137 Alsen- 29
– Silvia 47137 Alsen- 29
– Wilhelm 47137 Horst- 18
Ringhoff Else 47198 Pattberg- 11
– Josepha 47198 Friedrich-Ebert- 17
– Karl 47198 Friedrich-Ebert- 17
Ringle Christine 47055 Fuchs- 7
– Helga 47055 Fuchs- 7
Ringleb Antje 47249 Ortelsburger Ring 60
– Karl 47198 Ziethen- 6
– Marianne 47057 Graben- 174
– Marianne 47249 Ortelsburger Ring 62
– Ralf 47053 Hochfeld- 80
– Reinhold 47137 Spichern- 2
– Ute 47137 Spichern- 2
– Willi 47226 Ruhrorter- 34
Ringleben Sabine 47058 Bechem- 31
Ringler Harald
47137 Gartsträucher- 104
– Hildegard 47058 Duissern- 72
– Karl 47058 Duissern- 72
– Monika 47137 Gartsträucher- 104
– Margret-Katrin 47269 Salzach- 39
– Vera 47269 Salzach- 39
Ringling Claudia 47179 Holtener- 124
– Herbert 47179 Holtener- 124
– Ralf 47179 Holtener- 124
– Susanne 47169 Wilhelm- 82
Ringpfeil Angelika
47057 Alte Schanze 67
– Iris 47138 Koopmann- 51
Rings Andreas 47166 Jäger- 72
– Daniela 47059 Gocher- 9
– Horst 47059 Gocher- 9
– Luise 47058 Duissern- 80
Ringstorff Margarete
47059 Klemens- 23
Ringwelski Christina
47139 Friedrich-Ebert- 303
– Heinz-Dieter 47166 Markgrafen- 118
– Ingrid 47139 Markgrafen- 118
– Silke 47139 Friedrich-Ebert- 303
– Torsten 47169 Marien- 11
Rini Franco 47053 Fröbel- 52
– Lucia 47053 Fröbel- 52
– Marco 47057 Nord- 36
– Mario 47051 Nord- 36
Rink Elfriede 47226 Friedrich-Ebert- 13
– Erika 47239 Schumann- 18
– Gerhard 47137 Von-der-Mark- 89
– Hildegard 47259 Zu den Buchen 25
Einwohner Namen-Teil
A-DU	Firmen, Gewerbetreibe usw. nach Namen – siehe gelber Teil
